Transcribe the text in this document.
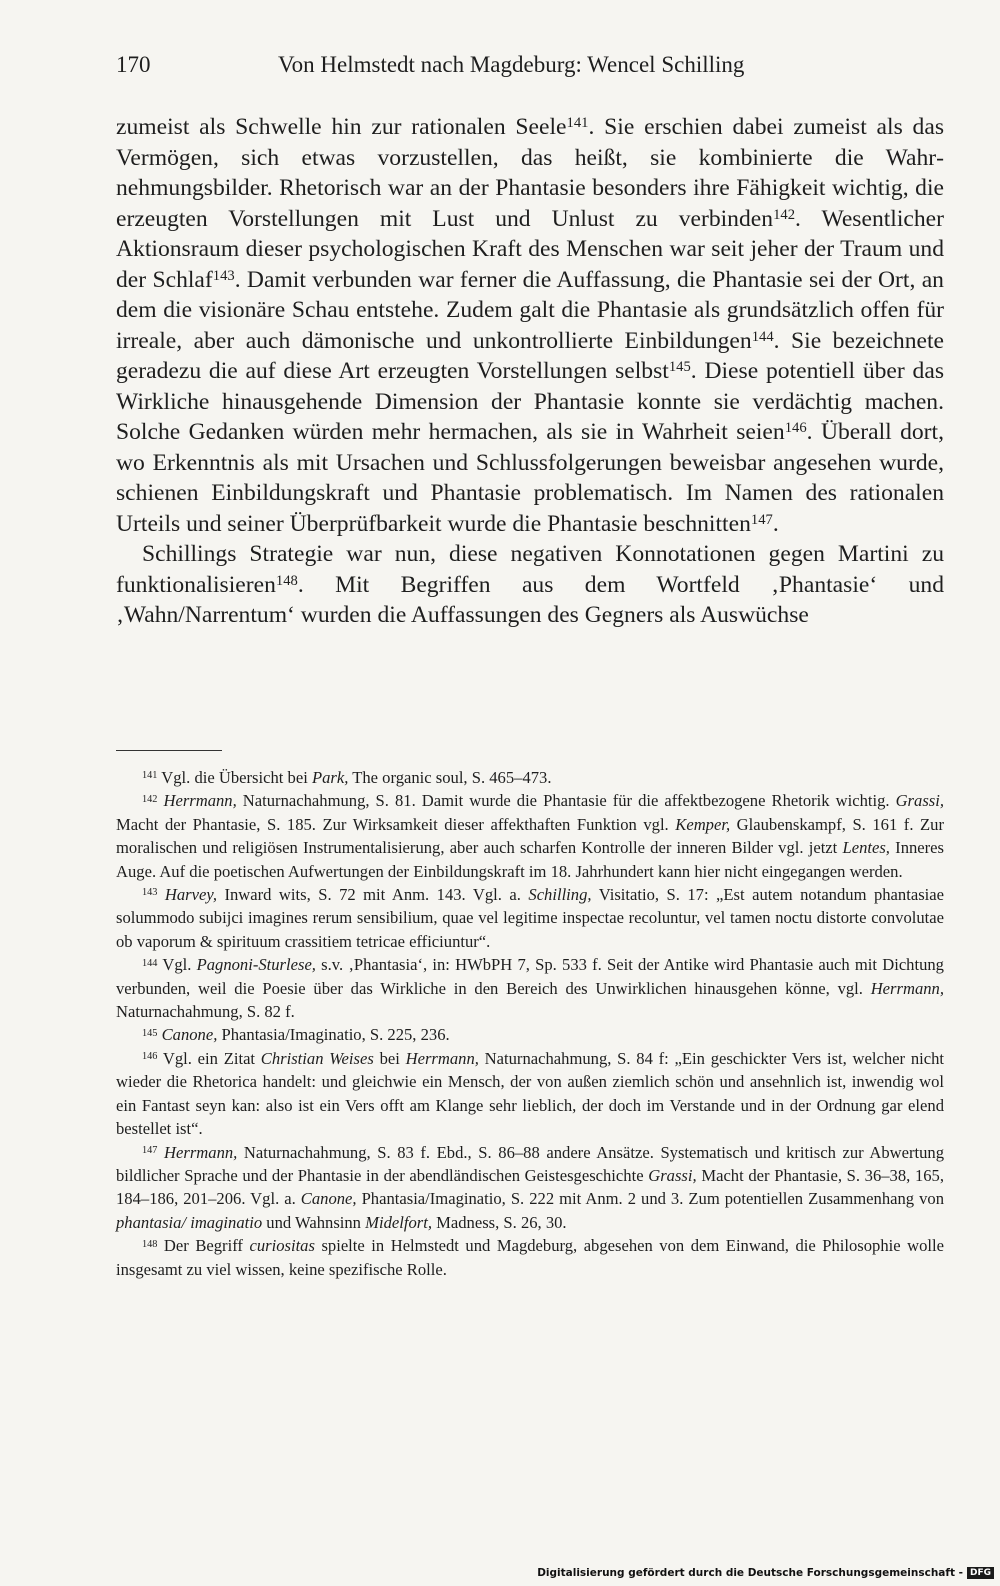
170	Von Helmstedt nach Magdeburg: Wencel Schilling

zumeist als Schwelle hin zur rationalen Seele$^{141}$. Sie erschien dabei zumeist als das Vermögen, sich etwas vorzustellen, das heißt, sie kombinierte die Wahrnehmungsbilder. Rhetorisch war an der Phantasie besonders ihre Fähigkeit wichtig, die erzeugten Vorstellungen mit Lust und Unlust zu verbinden$^{142}$. Wesentlicher Aktionsraum dieser psychologischen Kraft des Menschen war seit jeher der Traum und der Schlaf$^{143}$. Damit verbunden war ferner die Auffassung, die Phantasie sei der Ort, an dem die visionäre Schau entstehe. Zudem galt die Phantasie als grundsätzlich offen für irreale, aber auch dämonische und unkontrollierte Einbildungen$^{144}$. Sie bezeichnete geradezu die auf diese Art erzeugten Vorstellungen selbst$^{145}$. Diese potentiell über das Wirkliche hinausgehende Dimension der Phantasie konnte sie verdächtig machen. Solche Gedanken würden mehr hermachen, als sie in Wahrheit seien$^{146}$. Überall dort, wo Erkenntnis als mit Ursachen und Schlussfolgerungen beweisbar angesehen wurde, schienen Einbildungskraft und Phantasie problematisch. Im Namen des rationalen Urteils und seiner Überprüfbarkeit wurde die Phantasie beschnitten$^{147}$.

Schillings Strategie war nun, diese negativen Konnotationen gegen Martini zu funktionalisieren$^{148}$. Mit Begriffen aus dem Wortfeld ‚Phantasie‘ und ‚Wahn/Narrentum‘ wurden die Auffassungen des Gegners als Auswüchse

$^{141}$ Vgl. die Übersicht bei Park, The organic soul, S. 465–473.

$^{142}$ Herrmann, Naturnachahmung, S. 81. Damit wurde die Phantasie für die affektbezogene Rhetorik wichtig. Grassi, Macht der Phantasie, S. 185. Zur Wirksamkeit dieser affekthaften Funktion vgl. Kemper, Glaubenskampf, S. 161 f. Zur moralischen und religiösen Instrumentalisierung, aber auch scharfen Kontrolle der inneren Bilder vgl. jetzt Lentes, Inneres Auge. Auf die poetischen Aufwertungen der Einbildungskraft im 18. Jahrhundert kann hier nicht eingegangen werden.

$^{143}$ Harvey, Inward wits, S. 72 mit Anm. 143. Vgl. a. Schilling, Visitatio, S. 17: „Est autem notandum phantasiae solummodo subijci imagines rerum sensibilium, quae vel legitime inspectae recoluntur, vel tamen noctu distorte convolutae ob vaporum & spirituum crassitiem tetricae efficiuntur“.

$^{144}$ Vgl. Pagnoni-Sturlese, s.v. ‚Phantasia‘, in: HWbPH 7, Sp. 533 f. Seit der Antike wird Phantasie auch mit Dichtung verbunden, weil die Poesie über das Wirkliche in den Bereich des Unwirklichen hinausgehen könne, vgl. Herrmann, Naturnachahmung, S. 82 f.

$^{145}$ Canone, Phantasia/Imaginatio, S. 225, 236.

$^{146}$ Vgl. ein Zitat Christian Weises bei Herrmann, Naturnachahmung, S. 84 f: „Ein geschickter Vers ist, welcher nicht wieder die Rhetorica handelt: und gleichwie ein Mensch, der von außen ziemlich schön und ansehnlich ist, inwendig wol ein Fantast seyn kan: also ist ein Vers offt am Klange sehr lieblich, der doch im Verstande und in der Ordnung gar elend bestellet ist“.

$^{147}$ Herrmann, Naturnachahmung, S. 83 f. Ebd., S. 86–88 andere Ansätze. Systematisch und kritisch zur Abwertung bildlicher Sprache und der Phantasie in der abendländischen Geistesgeschichte Grassi, Macht der Phantasie, S. 36–38, 165, 184–186, 201–206. Vgl. a. Canone, Phantasia/Imaginatio, S. 222 mit Anm. 2 und 3. Zum potentiellen Zusammenhang von phantasia/ imaginatio und Wahnsinn Midelfort, Madness, S. 26, 30.

$^{148}$ Der Begriff curiositas spielte in Helmstedt und Magdeburg, abgesehen von dem Einwand, die Philosophie wolle insgesamt zu viel wissen, keine spezifische Rolle.

Digitalisierung gefördert durch die Deutsche Forschungsgemeinschaft - DFG
